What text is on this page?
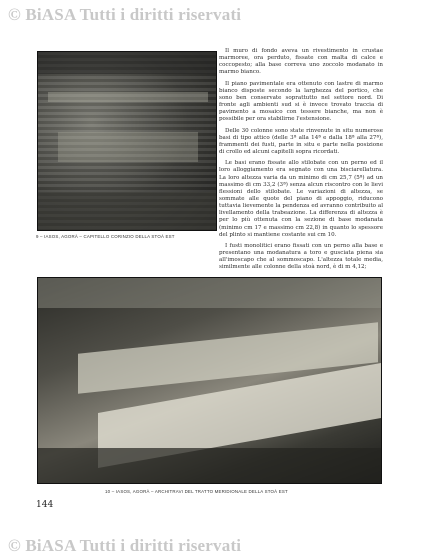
© BiASA Tutti i diritti riservati
9 – IASOS, AGORÀ – CAPITELLO CORINZIO DELLA STOÀ EST

Il muro di fondo aveva un rivestimento in crustae marmoree, ora perduto, fissate con malta di calce e coccopesto; alla base correva uno zoccolo modanato in marmo bianco.

Il piano pavimentale era ottenuto con lastre di marmo bianco disposte secondo la larghezza del portico, che sono ben conservate soprattutto nel settore nord. Di fronte agli ambienti sud si è invece trovato traccia di pavimento a mosaico con tessere bianche, ma non è possibile per ora stabilirne l'estensione.

Delle 30 colonne sono state rinvenute in situ numerose basi di tipo attico (delle 3ª alla 14ª e dalla 18ª alla 27ª), frammenti dei fusti, parte in situ e parte nella posizione di crollo ed alcuni capitelli sopra ricordati.

Le basi erano fissate allo stilobate con un perno ed il loro alloggiamento era segnato con una bisciarellatura. La loro altezza varia da un minimo di cm 25,7 (5ª) ad un massimo di cm 33,2 (3ª) senza alcun riscontro con le lievi flessioni dello stilobate. Le variazioni di altezza, se sommate alle quote del piano di appoggio, riducono tuttavia lievemente la pendenza ed avranno contribuito al livellamento della trabeazione. La differenza di altezza è per lo più ottenuta con la sezione di base modanata (minimo cm 17 e massimo cm 22,8) in quanto lo spessore del plinto si mantiene costante sui cm 10.

I fusti monolitici erano fissati con un perno alla base e presentano una modanatura a toro e gusciata piena sia all'imoscapo che al sommoscapo. L'altezza totale media, similmente alle colonne della stoà nord, è di m 4,12;

10 – IASOS, AGORÀ – ARCHITRAVI DEL TRATTO MERIDIONALE DELLA STOÀ EST
144
© BiASA Tutti i diritti riservati
